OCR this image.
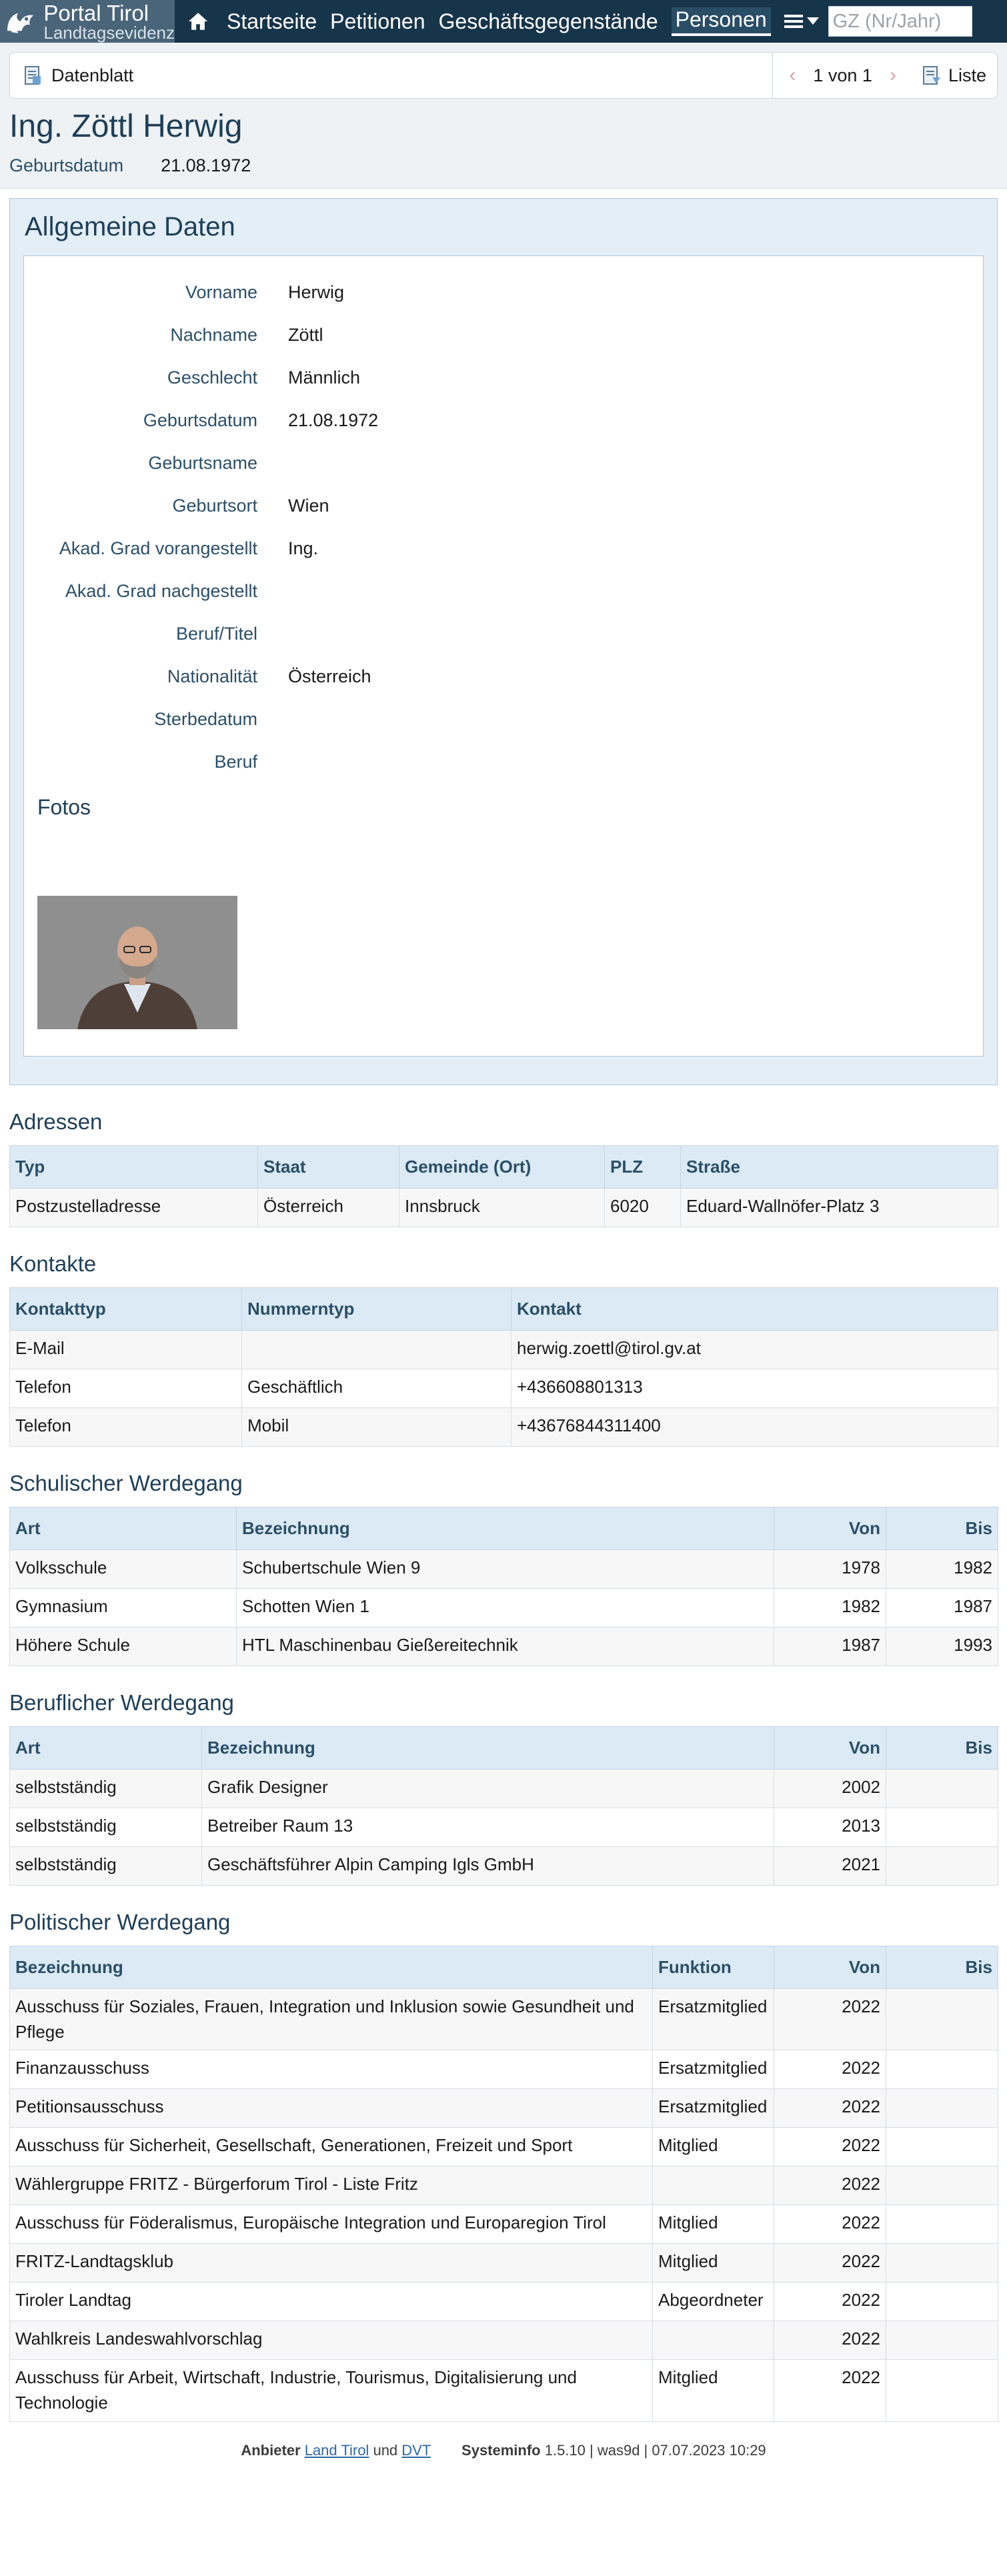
Portal Tirol
Landtagsevidenz Startseite Petitionen Geschäftsgegenstände Personen
GZ (Nr/Jahr)
Datenblatt	‹ 1 von 1 ›	Liste
Ing. Zöttl Herwig
Geburtsdatum 21.08.1972
Allgemeine Daten
Vorname Herwig
Nachname Zöttl
Geschlecht Männlich
Geburtsdatum 21.08.1972
Geburtsname
Geburtsort Wien
Akad. Grad vorangestellt Ing.
Akad. Grad nachgestellt
Beruf/Titel
Nationalität Österreich
Sterbedatum
Beruf
Fotos
Adressen
Typ	Staat	Gemeinde (Ort)	PLZ	Straße
Postzustelladresse	Österreich	Innsbruck	6020	Eduard-Wallnöfer-Platz 3
Kontakte
Kontakttyp	Nummerntyp	Kontakt
E-Mail		herwig.zoettl@tirol.gv.at
Telefon	Geschäftlich	+436608801313
Telefon	Mobil	+43676844311400
Schulischer Werdegang
Art	Bezeichnung	Von	Bis
Volksschule	Schubertschule Wien 9	1978	1982
Gymnasium	Schotten Wien 1	1982	1987
Höhere Schule	HTL Maschinenbau Gießereitechnik	1987	1993
Beruflicher Werdegang
Art	Bezeichnung	Von	Bis
selbstständig	Grafik Designer	2002	
selbstständig	Betreiber Raum 13	2013	
selbstständig	Geschäftsführer Alpin Camping Igls GmbH	2021	
Politischer Werdegang
Bezeichnung	Funktion	Von	Bis
Ausschuss für Soziales, Frauen, Integration und Inklusion sowie Gesundheit und Pflege	Ersatzmitglied	2022	
Finanzausschuss	Ersatzmitglied	2022	
Petitionsausschuss	Ersatzmitglied	2022	
Ausschuss für Sicherheit, Gesellschaft, Generationen, Freizeit und Sport	Mitglied	2022	
Wählergruppe FRITZ - Bürgerforum Tirol - Liste Fritz		2022	
Ausschuss für Föderalismus, Europäische Integration und Europaregion Tirol	Mitglied	2022	
FRITZ-Landtagsklub	Mitglied	2022	
Tiroler Landtag	Abgeordneter	2022	
Wahlkreis Landeswahlvorschlag		2022	
Ausschuss für Arbeit, Wirtschaft, Industrie, Tourismus, Digitalisierung und Technologie	Mitglied	2022	
Anbieter Land Tirol und DVT Systeminfo 1.5.10 | was9d | 07.07.2023 10:29
